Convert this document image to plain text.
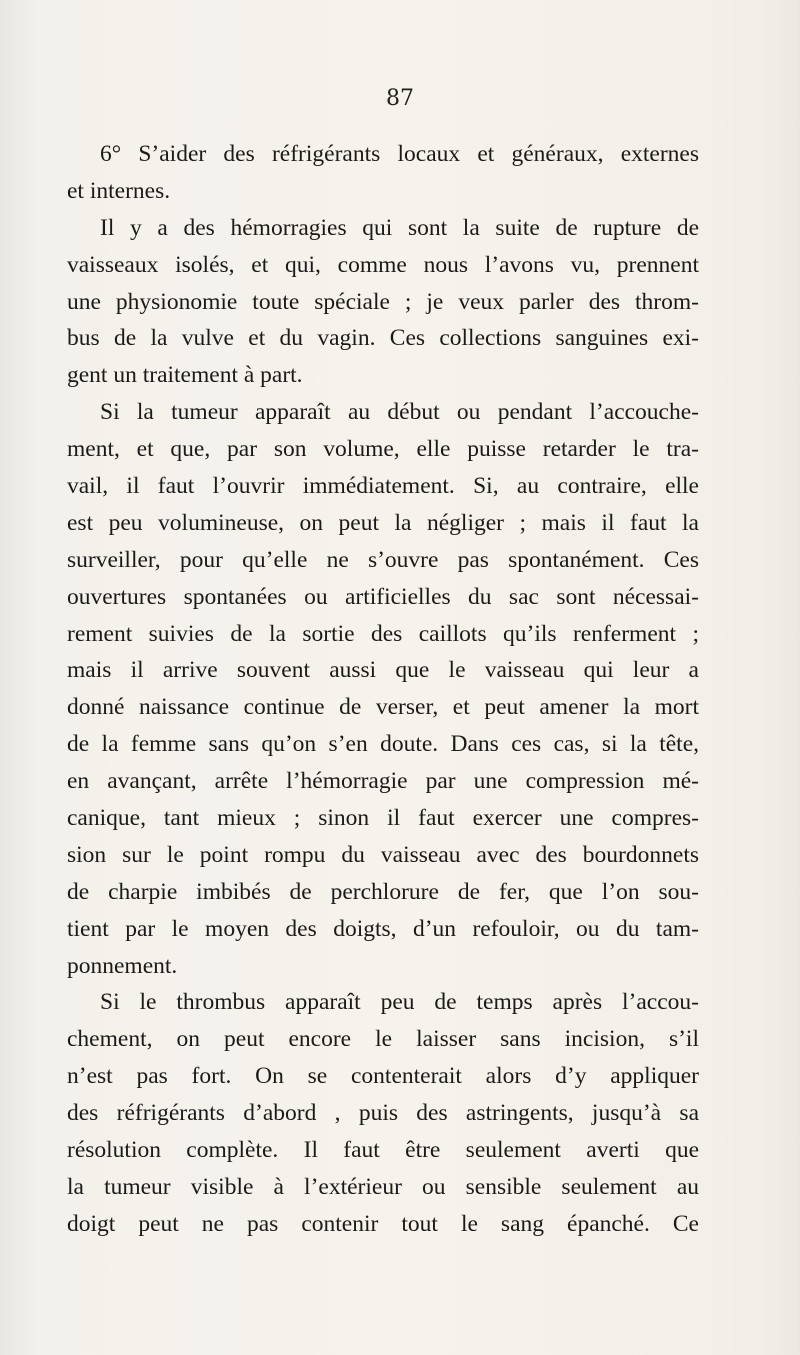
87
6° S’aider des réfrigérants locaux et généraux, externes
et internes.
Il y a des hémorragies qui sont la suite de rupture de
vaisseaux isolés, et qui, comme nous l’avons vu, prennent
une physionomie toute spéciale ; je veux parler des throm-
bus de la vulve et du vagin. Ces collections sanguines exi-
gent un traitement à part.
Si la tumeur apparaît au début ou pendant l’accouche-
ment, et que, par son volume, elle puisse retarder le tra-
vail, il faut l’ouvrir immédiatement. Si, au contraire, elle
est peu volumineuse, on peut la négliger ; mais il faut la
surveiller, pour qu’elle ne s’ouvre pas spontanément. Ces
ouvertures spontanées ou artificielles du sac sont nécessai-
rement suivies de la sortie des caillots qu’ils renferment ;
mais il arrive souvent aussi que le vaisseau qui leur a
donné naissance continue de verser, et peut amener la mort
de la femme sans qu’on s’en doute. Dans ces cas, si la tête,
en avançant, arrête l’hémorragie par une compression mé-
canique, tant mieux ; sinon il faut exercer une compres-
sion sur le point rompu du vaisseau avec des bourdonnets
de charpie imbibés de perchlorure de fer, que l’on sou-
tient par le moyen des doigts, d’un refouloir, ou du tam-
ponnement.
Si le thrombus apparaît peu de temps après l’accou-
chement, on peut encore le laisser sans incision, s’il
n’est pas fort. On se contenterait alors d’y appliquer
des réfrigérants d’abord , puis des astringents, jusqu’à sa
résolution complète. Il faut être seulement averti que
la tumeur visible à l’extérieur ou sensible seulement au
doigt peut ne pas contenir tout le sang épanché. Ce
